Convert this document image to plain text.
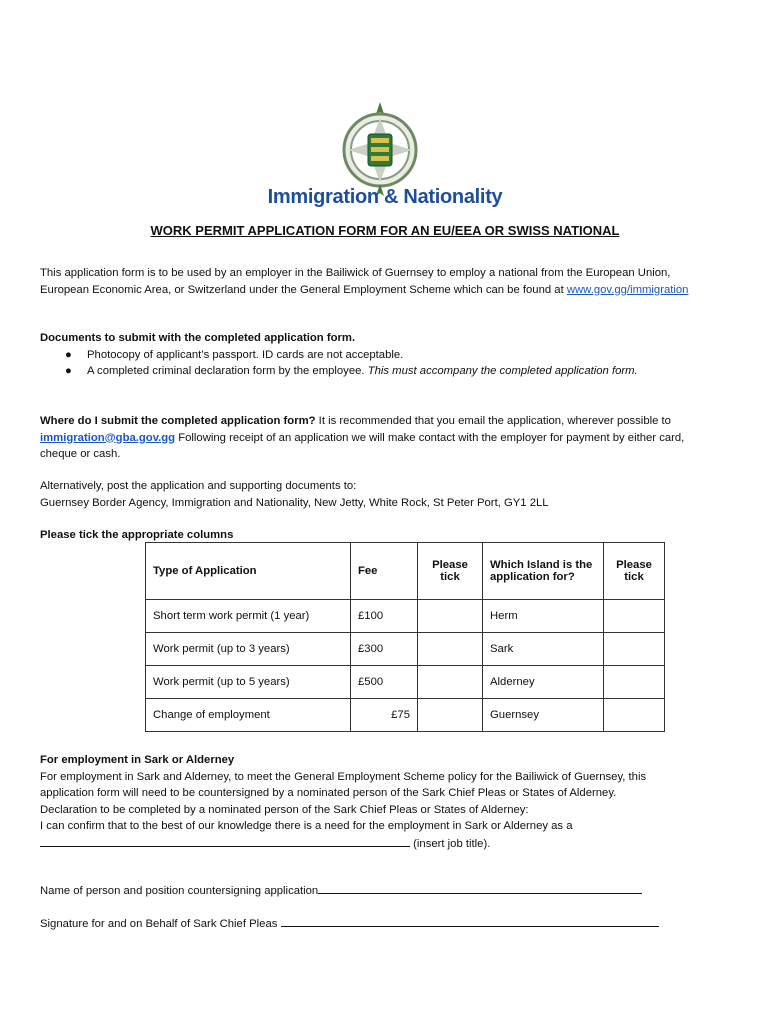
Immigration & Nationality
WORK PERMIT APPLICATION FORM FOR AN EU/EEA OR SWISS NATIONAL
This application form is to be used by an employer in the Bailiwick of Guernsey to employ a national from the European Union, European Economic Area, or Switzerland under the General Employment Scheme which can be found at www.gov.gg/immigration
Documents to submit with the completed application form.
● Photocopy of applicant’s passport. ID cards are not acceptable.
● A completed criminal declaration form by the employee. This must accompany the completed application form.
Where do I submit the completed application form? It is recommended that you email the application, wherever possible to immigration@gba.gov.gg Following receipt of an application we will make contact with the employer for payment by either card, cheque or cash.
Alternatively, post the application and supporting documents to:
Guernsey Border Agency, Immigration and Nationality, New Jetty, White Rock, St Peter Port, GY1 2LL
Please tick the appropriate columns
Type of Application	Fee	Please tick	Which Island is the application for?	Please tick
Short term work permit (1 year)	£100		Herm	
Work permit (up to 3 years)	£300		Sark	
Work permit (up to 5 years)	£500		Alderney	
Change of employment	£75		Guernsey	
For employment in Sark or Alderney
For employment in Sark and Alderney, to meet the General Employment Scheme policy for the Bailiwick of Guernsey, this application form will need to be countersigned by a nominated person of the Sark Chief Pleas or States of Alderney.
Declaration to be completed by a nominated person of the Sark Chief Pleas or States of Alderney:
I can confirm that to the best of our knowledge there is a need for the employment in Sark or Alderney as a
(insert job title).
Name of person and position countersigning application
Signature for and on Behalf of Sark Chief Pleas
